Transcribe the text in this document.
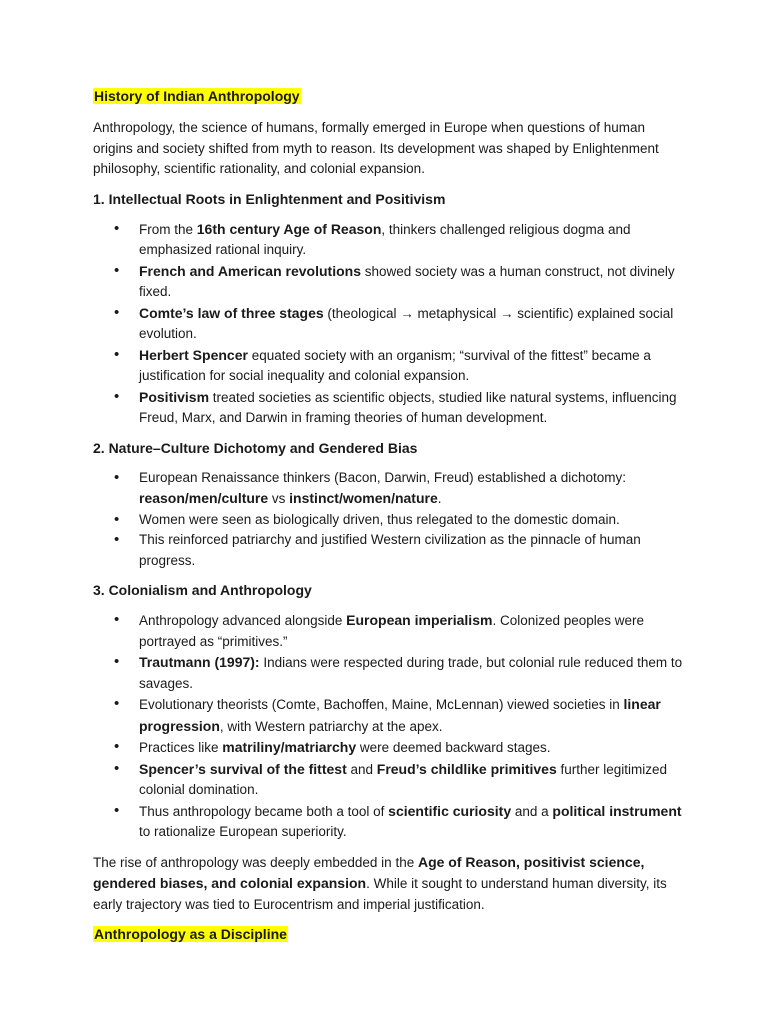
History of Indian Anthropology

Anthropology, the science of humans, formally emerged in Europe when questions of human origins and society shifted from myth to reason. Its development was shaped by Enlightenment philosophy, scientific rationality, and colonial expansion.

1. Intellectual Roots in Enlightenment and Positivism
• From the 16th century Age of Reason, thinkers challenged religious dogma and emphasized rational inquiry.
• French and American revolutions showed society was a human construct, not divinely fixed.
• Comte’s law of three stages (theological → metaphysical → scientific) explained social evolution.
• Herbert Spencer equated society with an organism; “survival of the fittest” became a justification for social inequality and colonial expansion.
• Positivism treated societies as scientific objects, studied like natural systems, influencing Freud, Marx, and Darwin in framing theories of human development.
2. Nature–Culture Dichotomy and Gendered Bias
• European Renaissance thinkers (Bacon, Darwin, Freud) established a dichotomy: reason/men/culture vs instinct/women/nature.
• Women were seen as biologically driven, thus relegated to the domestic domain.
• This reinforced patriarchy and justified Western civilization as the pinnacle of human progress.
3. Colonialism and Anthropology
• Anthropology advanced alongside European imperialism. Colonized peoples were portrayed as “primitives.”
• Trautmann (1997): Indians were respected during trade, but colonial rule reduced them to savages.
• Evolutionary theorists (Comte, Bachoffen, Maine, McLennan) viewed societies in linear progression, with Western patriarchy at the apex.
• Practices like matriliny/matriarchy were deemed backward stages.
• Spencer’s survival of the fittest and Freud’s childlike primitives further legitimized colonial domination.
• Thus anthropology became both a tool of scientific curiosity and a political instrument to rationalize European superiority.

The rise of anthropology was deeply embedded in the Age of Reason, positivist science, gendered biases, and colonial expansion. While it sought to understand human diversity, its early trajectory was tied to Eurocentrism and imperial justification.

Anthropology as a Discipline
